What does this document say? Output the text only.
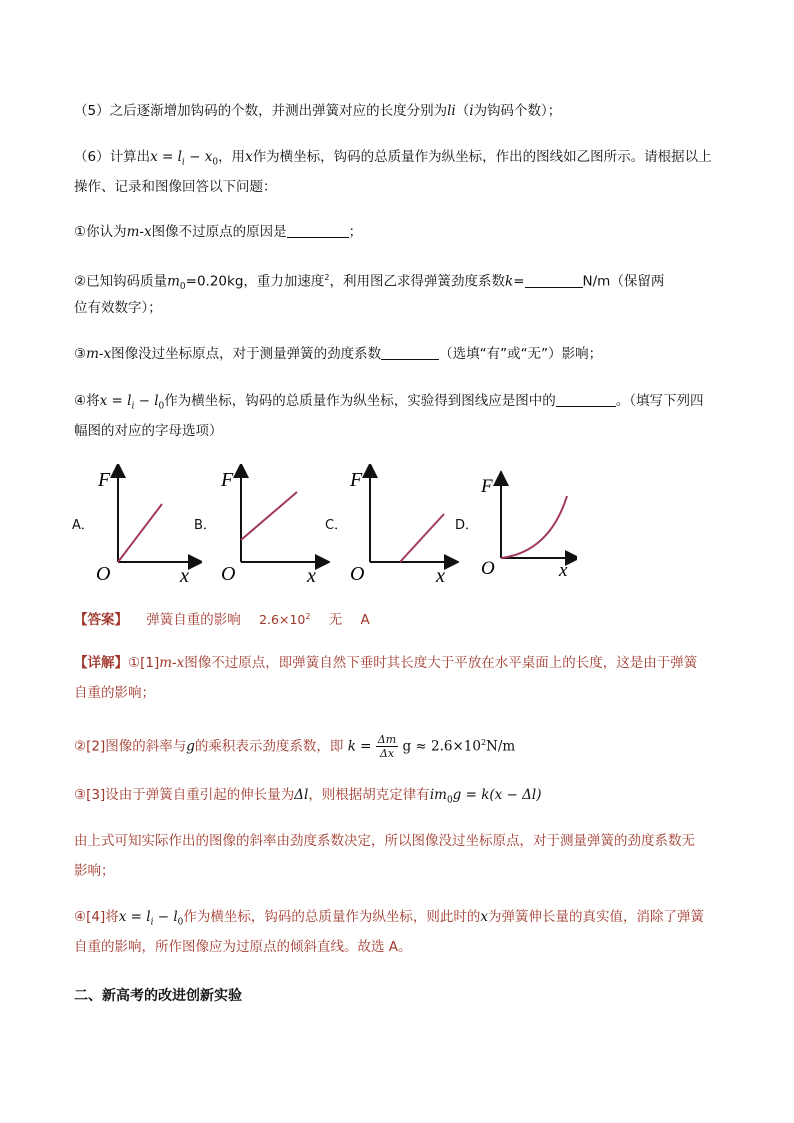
（5）之后逐渐增加钩码的个数，并测出弹簧对应的长度分别为li（i为钩码个数）；
（6）计算出$x = l_i - x_0$，用x作为横坐标，钩码的总质量作为纵坐标，作出的图线如乙图所示。请根据以上
操作、记录和图像回答以下问题：
①你认为m-x图像不过原点的原因是	；
②已知钩码质量$m_0=0.20kg$，重力加速度$^2$，利用图乙求得弹簧劲度系数k=	N/m（保留两
位有效数字）；
③m-x图像没过坐标原点，对于测量弹簧的劲度系数	（选填“有”或“无”）影响；
④将$x = l_i - l_0$作为横坐标，钩码的总质量作为纵坐标，实验得到图线应是图中的	。（填写下列四
幅图的对应的字母选项）
A．
F
O	x
B．
F
O	x
C．
F
O	x
D．
F
O	x
【答案】 弹簧自重的影响 $2.6\times 10^2$ 无 A
【详解】①[1]m-x图像不过原点，即弹簧自然下垂时其长度大于平放在水平桌面上的长度，这是由于弹簧
自重的影响；
②[2]图像的斜率与g的乘积表示劲度系数，即 $k = \frac{\Delta m}{\Delta x}$ $g \approx 2.6\times 10^2N/m$
③[3]设由于弹簧自重引起的伸长量为Δl，则根据胡克定律有$im_0g = k(x - \Delta l)$
由上式可知实际作出的图像的斜率由劲度系数决定，所以图像没过坐标原点，对于测量弹簧的劲度系数无
影响；
④[4]将$x = l_i - l_0$作为横坐标，钩码的总质量作为纵坐标，则此时的x为弹簧伸长量的真实值，消除了弹簧
自重的影响，所作图像应为过原点的倾斜直线。故选 A。
二、新高考的改进创新实验
